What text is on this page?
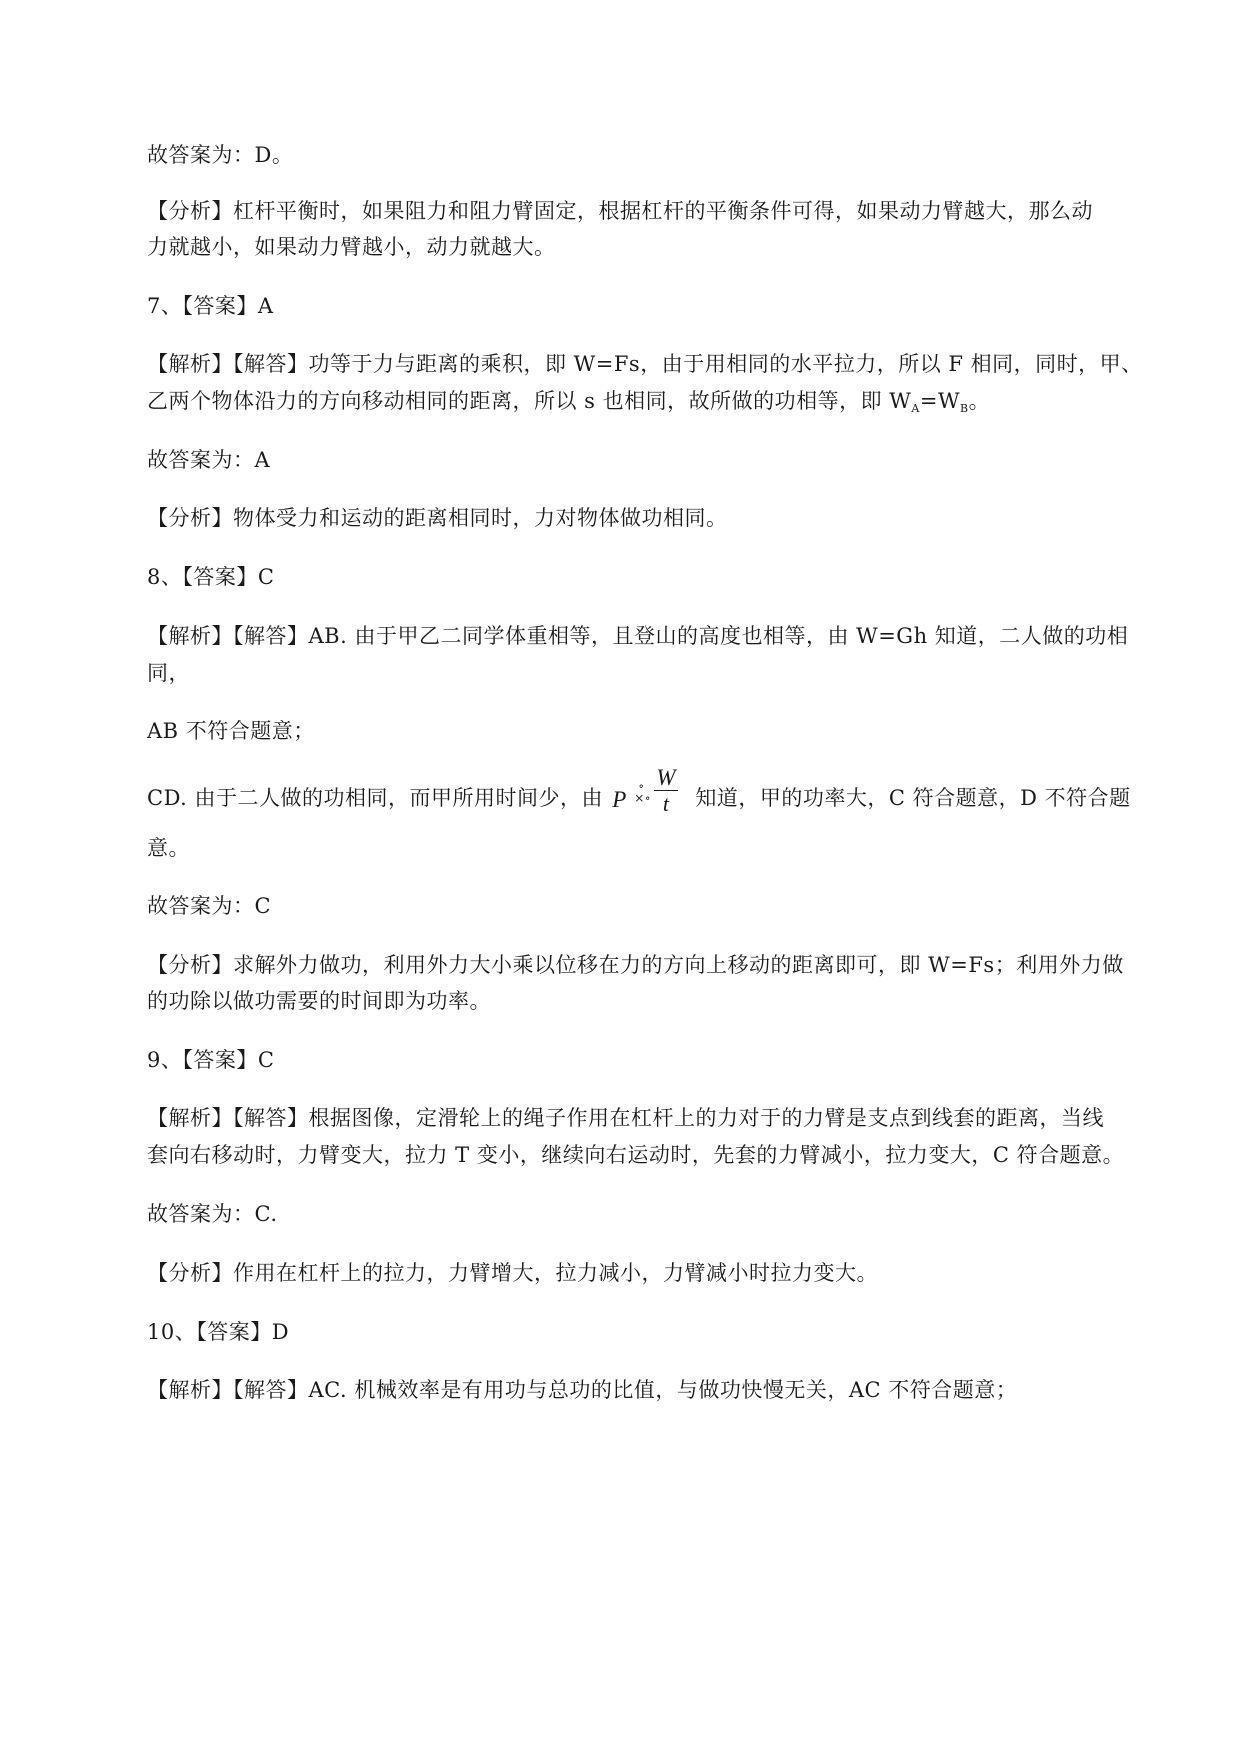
故答案为：D。
【分析】杠杆平衡时，如果阻力和阻力臂固定，根据杠杆的平衡条件可得，如果动力臂越大，那么动
力就越小，如果动力臂越小，动力就越大。
7、【答案】A
【解析】【解答】功等于力与距离的乘积，即 W=Fs，由于用相同的水平拉力，所以 F 相同，同时，甲、
乙两个物体沿力的方向移动相同的距离，所以 s 也相同，故所做的功相等，即 $W_A=W_B$。
故答案为：A
【分析】物体受力和运动的距离相同时，力对物体做功相同。
8、【答案】C
【解析】【解答】AB. 由于甲乙二同学体重相等，且登山的高度也相等，由 W=Gh 知道，二人做的功相
同，
AB 不符合题意；
CD. 由于二人做的功相同，而甲所用时间少，由 P
∘
×∘
W
t	知道，甲的功率大，C 符合题意，D 不符合题
意。
故答案为：C
【分析】求解外力做功，利用外力大小乘以位移在力的方向上移动的距离即可，即 W=Fs；利用外力做
的功除以做功需要的时间即为功率。
9、【答案】C
【解析】【解答】根据图像，定滑轮上的绳子作用在杠杆上的力对于的力臂是支点到线套的距离，当线
套向右移动时，力臂变大，拉力 T 变小，继续向右运动时，先套的力臂减小，拉力变大，C 符合题意。
故答案为：C.
【分析】作用在杠杆上的拉力，力臂增大，拉力减小，力臂减小时拉力变大。
10、【答案】D
【解析】【解答】AC. 机械效率是有用功与总功的比值，与做功快慢无关，AC 不符合题意；
